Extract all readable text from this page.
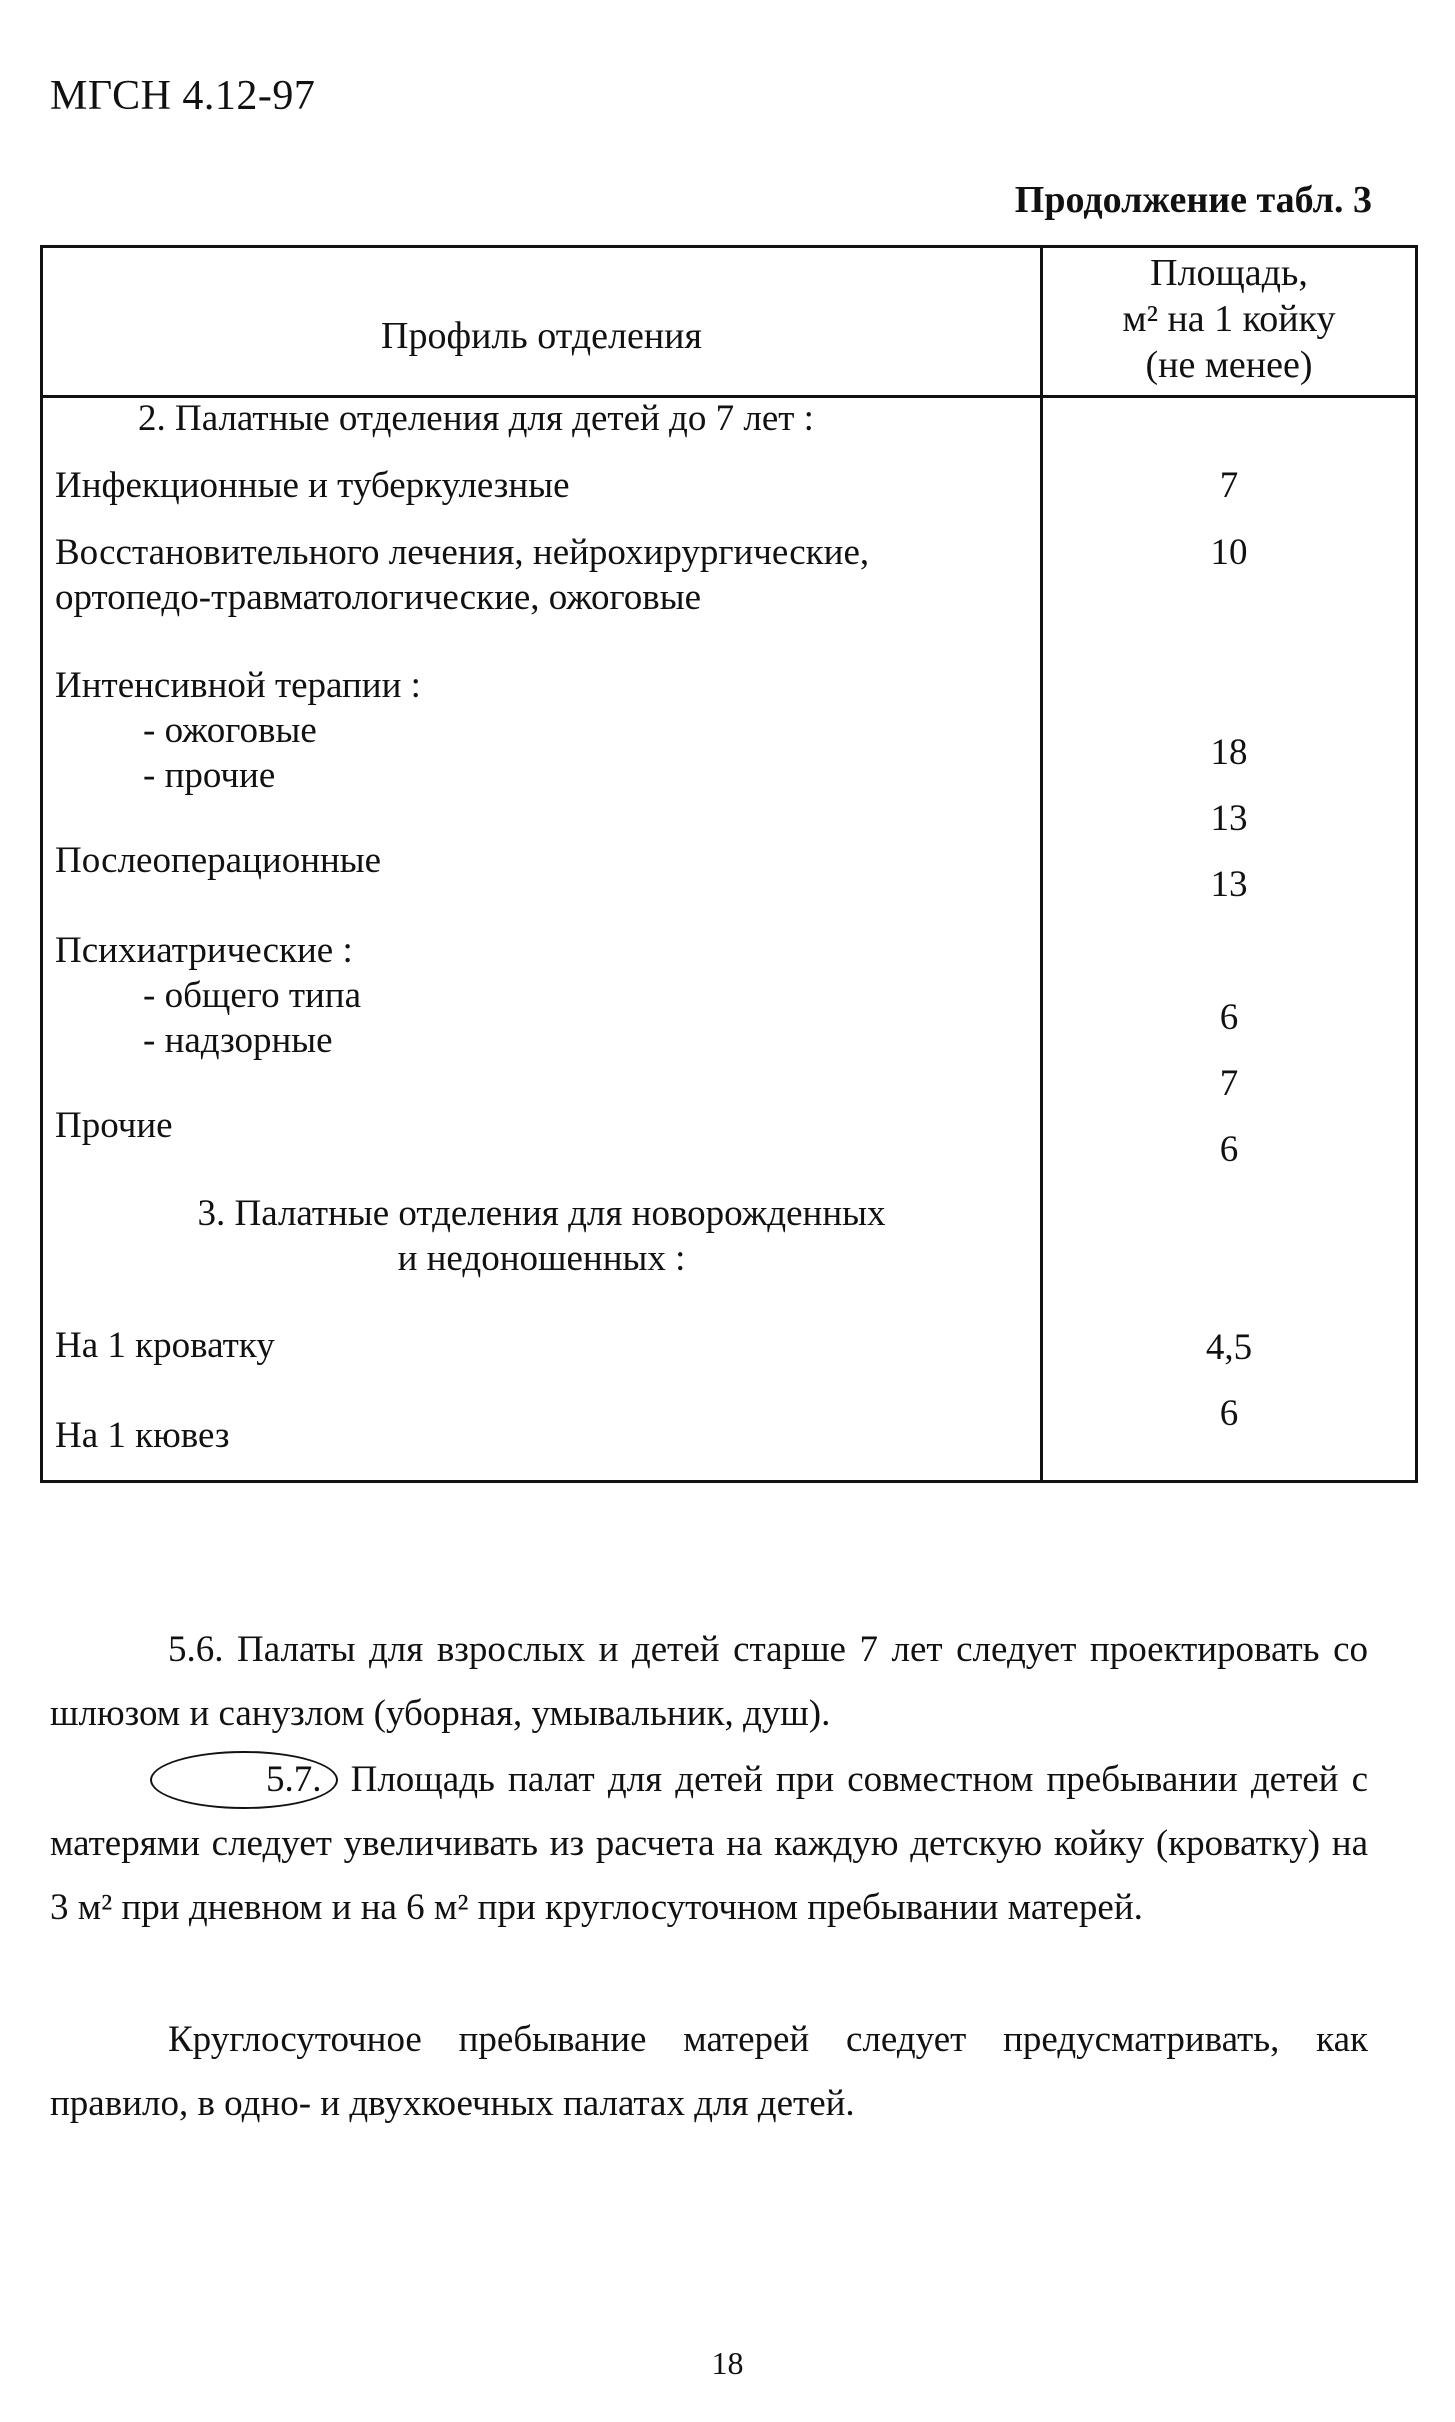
МГСН 4.12-97
Продолжение табл. 3
Профиль отделения
Площадь,
м² на 1 койку
(не менее)
2. Палатные отделения для детей до 7 лет :
Инфекционные и туберкулезные	7
Восстановительного лечения, нейрохирургические,
ортопедо-травматологические, ожоговые
10
Интенсивной терапии :
- ожоговые
- прочие
18
13
Послеоперационные
13
Психиатрические :
- общего типа
- надзорные
6
7
Прочие
6
3. Палатные отделения для новорожденных
и недоношенных :
На 1 кроватку	4,5
На 1 кювез
6

5.6. Палаты для взрослых и детей старше 7 лет следует проектировать со шлюзом и санузлом (уборная, умывальник, душ).

5.7. Площадь палат для детей при совместном пребывании детей с матерями следует увеличивать из расчета на каждую детскую койку (кроватку) на 3 м² при дневном и на 6 м² при круглосуточном пребывании матерей.

Круглосуточное пребывание матерей следует предусматривать, как правило, в одно- и двухкоечных палатах для детей.

18
